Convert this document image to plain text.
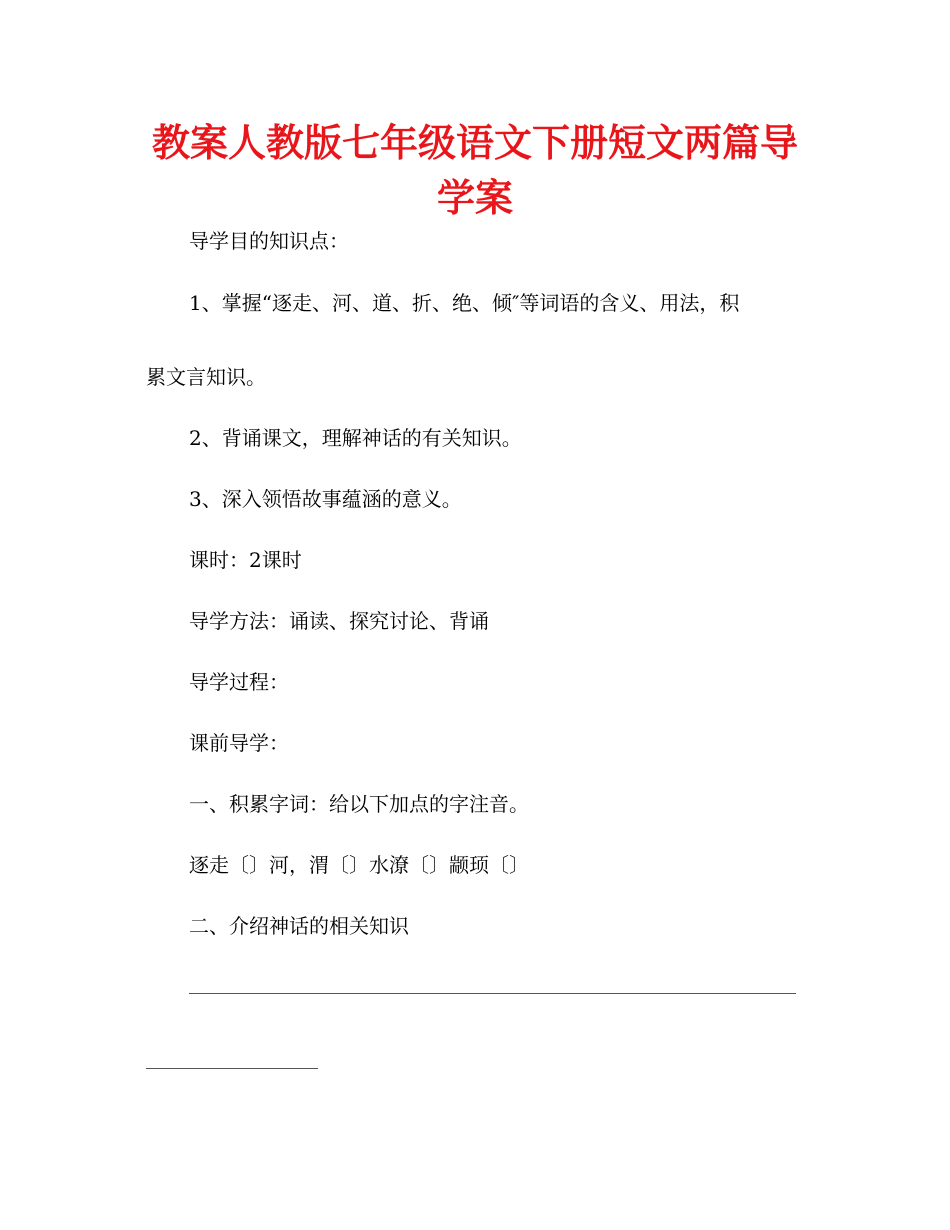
教案人教版七年级语文下册短文两篇导学案

导学目的知识点：

1、掌握“逐走、河、道、折、绝、倾″等词语的含义、用法，积

累文言知识。

2、背诵课文，理解神话的有关知识。

3、深入领悟故事蕴涵的意义。

课时：2课时

导学方法：诵读、探究讨论、背诵

导学过程：

课前导学：

一、积累字词：给以下加点的字注音。

逐走〔〕河，渭〔〕水潦〔〕颛顼〔〕

二、介绍神话的相关知识
